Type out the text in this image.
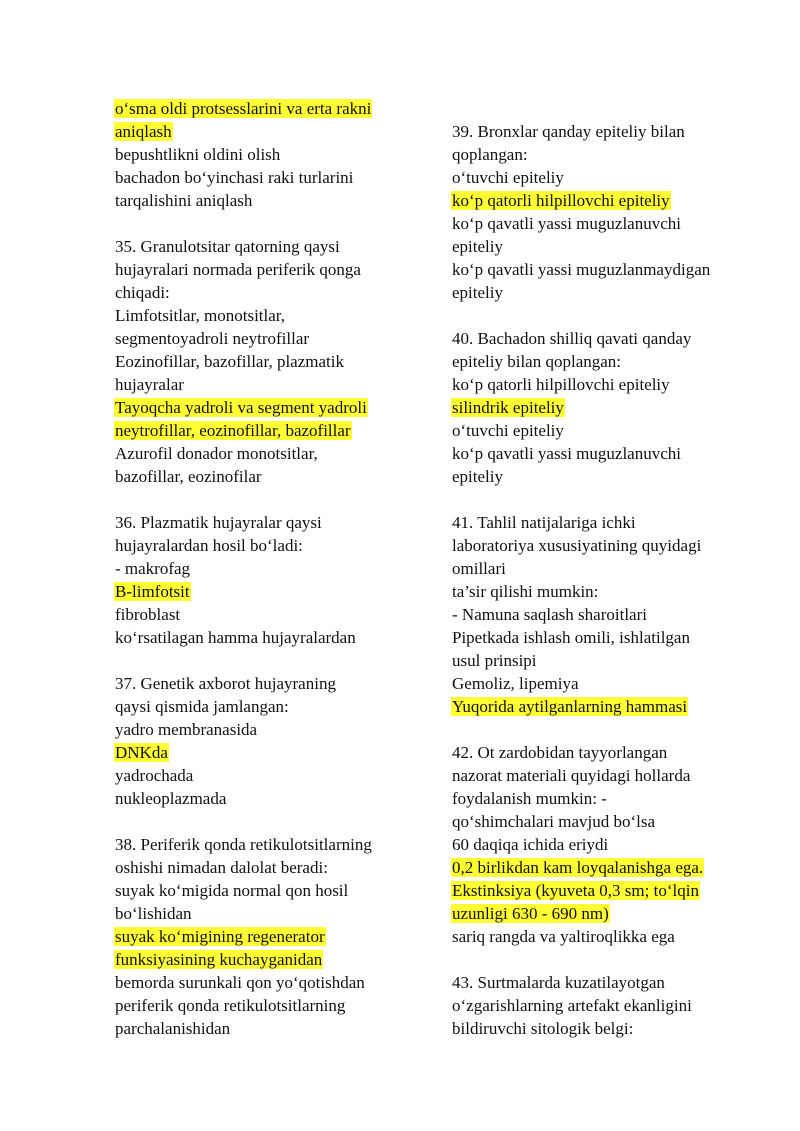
o‘sma oldi protsesslarini va erta rakni
aniqlash
bepushtlikni oldini olish
bachadon bo‘yinchasi raki turlarini
tarqalishini aniqlash
35. Granulotsitar qatorning qaysi
hujayralari normada periferik qonga
chiqadi:
Limfotsitlar, monotsitlar,
segmentoyadroli neytrofillar
Eozinofillar, bazofillar, plazmatik
hujayralar
Tayoqcha yadroli va segment yadroli
neytrofillar, eozinofillar, bazofillar
Azurofil donador monotsitlar,
bazofillar, eozinofilar
36. Plazmatik hujayralar qaysi
hujayralardan hosil bo‘ladi:
- makrofag
B-limfotsit
fibroblast
ko‘rsatilagan hamma hujayralardan
37. Genetik axborot hujayraning
qaysi qismida jamlangan:
yadro membranasida
DNKda
yadrochada
nukleoplazmada
38. Periferik qonda retikulotsitlarning
oshishi nimadan dalolat beradi:
suyak ko‘migida normal qon hosil
bo‘lishidan
suyak ko‘migining regenerator
funksiyasining kuchayganidan
bemorda surunkali qon yo‘qotishdan
periferik qonda retikulotsitlarning
parchalanishidan
39. Bronxlar qanday epiteliy bilan
qoplangan:
o‘tuvchi epiteliy
ko‘p qatorli hilpillovchi epiteliy
ko‘p qavatli yassi muguzlanuvchi
epiteliy
ko‘p qavatli yassi muguzlanmaydigan
epiteliy
40. Bachadon shilliq qavati qanday
epiteliy bilan qoplangan:
ko‘p qatorli hilpillovchi epiteliy
silindrik epiteliy
o‘tuvchi epiteliy
ko‘p qavatli yassi muguzlanuvchi
epiteliy
41. Tahlil natijalariga ichki
laboratoriya xususiyatining quyidagi
omillari
ta’sir qilishi mumkin:
- Namuna saqlash sharoitlari
Pipetkada ishlash omili, ishlatilgan
usul prinsipi
Gemoliz, lipemiya
Yuqorida aytilganlarning hammasi
42. Ot zardobidan tayyorlangan
nazorat materiali quyidagi hollarda
foydalanish mumkin: -
qo‘shimchalari mavjud bo‘lsa
60 daqiqa ichida eriydi
0,2 birlikdan kam loyqalanishga ega.
Ekstinksiya (kyuveta 0,3 sm; to‘lqin
uzunligi 630 - 690 nm)
sariq rangda va yaltiroqlikka ega
43. Surtmalarda kuzatilayotgan
o‘zgarishlarning artefakt ekanligini
bildiruvchi sitologik belgi:
